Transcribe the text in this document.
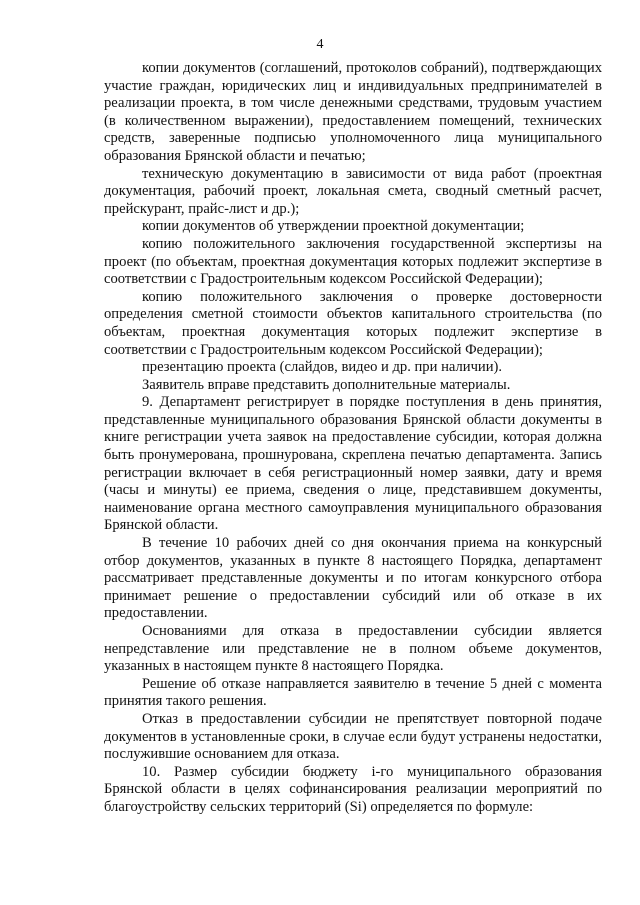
4

копии документов (соглашений, протоколов собраний), подтверждающих участие граждан, юридических лиц и индивидуальных предпринимателей в реализации проекта, в том числе денежными средствами, трудовым участием (в количественном выражении), предоставлением помещений, технических средств, заверенные подписью уполномоченного лица муниципального образования Брянской области и печатью;

техническую документацию в зависимости от вида работ (проектная документация, рабочий проект, локальная смета, сводный сметный расчет, прейскурант, прайс-лист и др.);

копии документов об утверждении проектной документации;

копию положительного заключения государственной экспертизы на проект (по объектам, проектная документация которых подлежит экспертизе в соответствии с Градостроительным кодексом Российской Федерации);

копию положительного заключения о проверке достоверности определения сметной стоимости объектов капитального строительства (по объектам, проектная документация которых подлежит экспертизе в соответствии с Градостроительным кодексом Российской Федерации);

презентацию проекта (слайдов, видео и др. при наличии).

Заявитель вправе представить дополнительные материалы.

9. Департамент регистрирует в порядке поступления в день принятия, представленные муниципального образования Брянской области документы в книге регистрации учета заявок на предоставление субсидии, которая должна быть пронумерована, прошнурована, скреплена печатью департамента. Запись регистрации включает в себя регистрационный номер заявки, дату и время (часы и минуты) ее приема, сведения о лице, представившем документы, наименование органа местного самоуправления муниципального образования Брянской области.

В течение 10 рабочих дней со дня окончания приема на конкурсный отбор документов, указанных в пункте 8 настоящего Порядка, департамент рассматривает представленные документы и по итогам конкурсного отбора принимает решение о предоставлении субсидий или об отказе в их предоставлении.

Основаниями для отказа в предоставлении субсидии является непредставление или представление не в полном объеме документов, указанных в настоящем пункте 8 настоящего Порядка.

Решение об отказе направляется заявителю в течение 5 дней с момента принятия такого решения.

Отказ в предоставлении субсидии не препятствует повторной подаче документов в установленные сроки, в случае если будут устранены недостатки, послужившие основанием для отказа.

10. Размер субсидии бюджету i-го муниципального образования Брянской области в целях софинансирования реализации мероприятий по благоустройству сельских территорий (Si) определяется по формуле:
